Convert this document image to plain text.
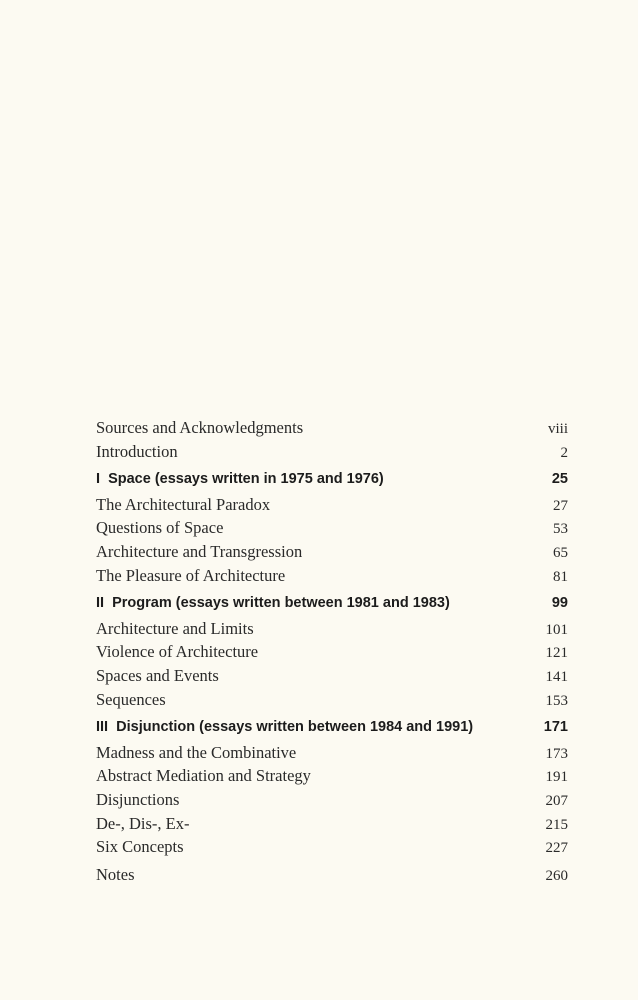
Sources and Acknowledgments	viii
Introduction	2
I  Space (essays written in 1975 and 1976)	25
The Architectural Paradox	27
Questions of Space	53
Architecture and Transgression	65
The Pleasure of Architecture	81
II  Program (essays written between 1981 and 1983)	99
Architecture and Limits	101
Violence of Architecture	121
Spaces and Events	141
Sequences	153
III  Disjunction (essays written between 1984 and 1991)	171
Madness and the Combinative	173
Abstract Mediation and Strategy	191
Disjunctions	207
De-, Dis-, Ex-	215
Six Concepts	227
Notes	260
